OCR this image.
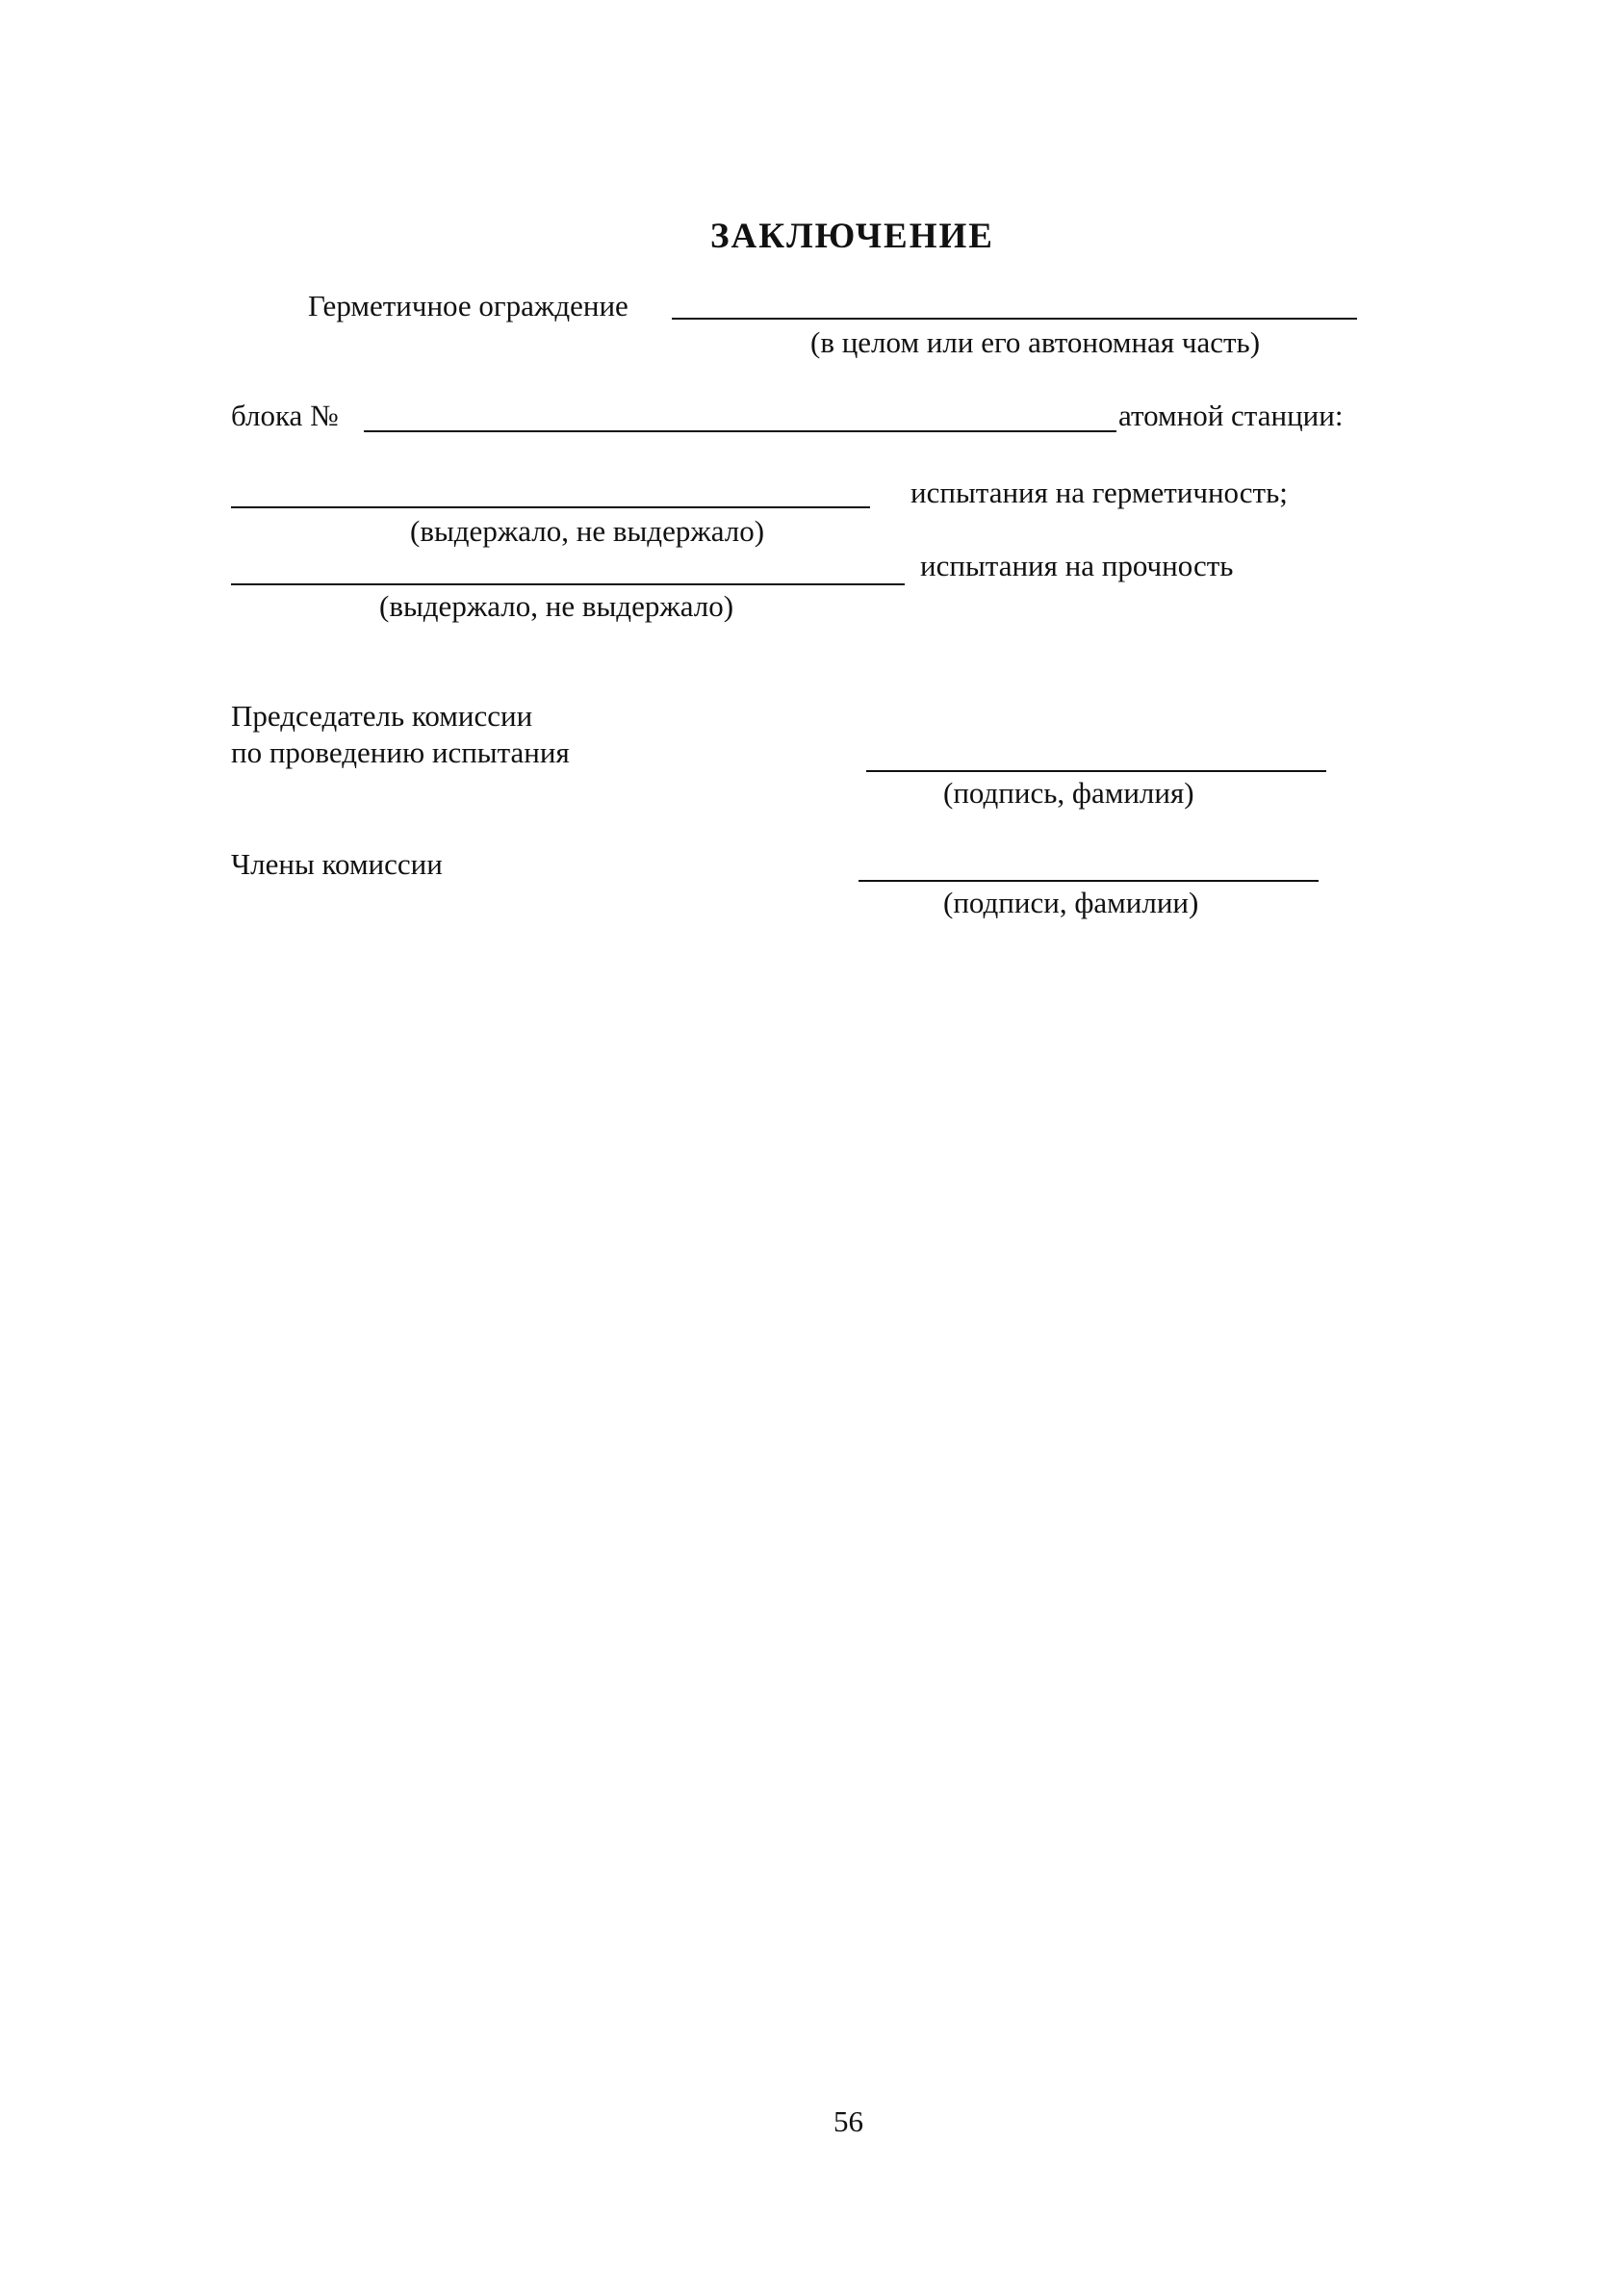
ЗАКЛЮЧЕНИЕ
Герметичное ограждение
(в целом или его автономная часть)
блока №	атомной станции:
испытания на герметичность;
(выдержало, не выдержало)
испытания на прочность
(выдержало, не выдержало)
Председатель комиссии
по проведению испытания
(подпись, фамилия)
Члены комиссии
(подписи, фамилии)
56
